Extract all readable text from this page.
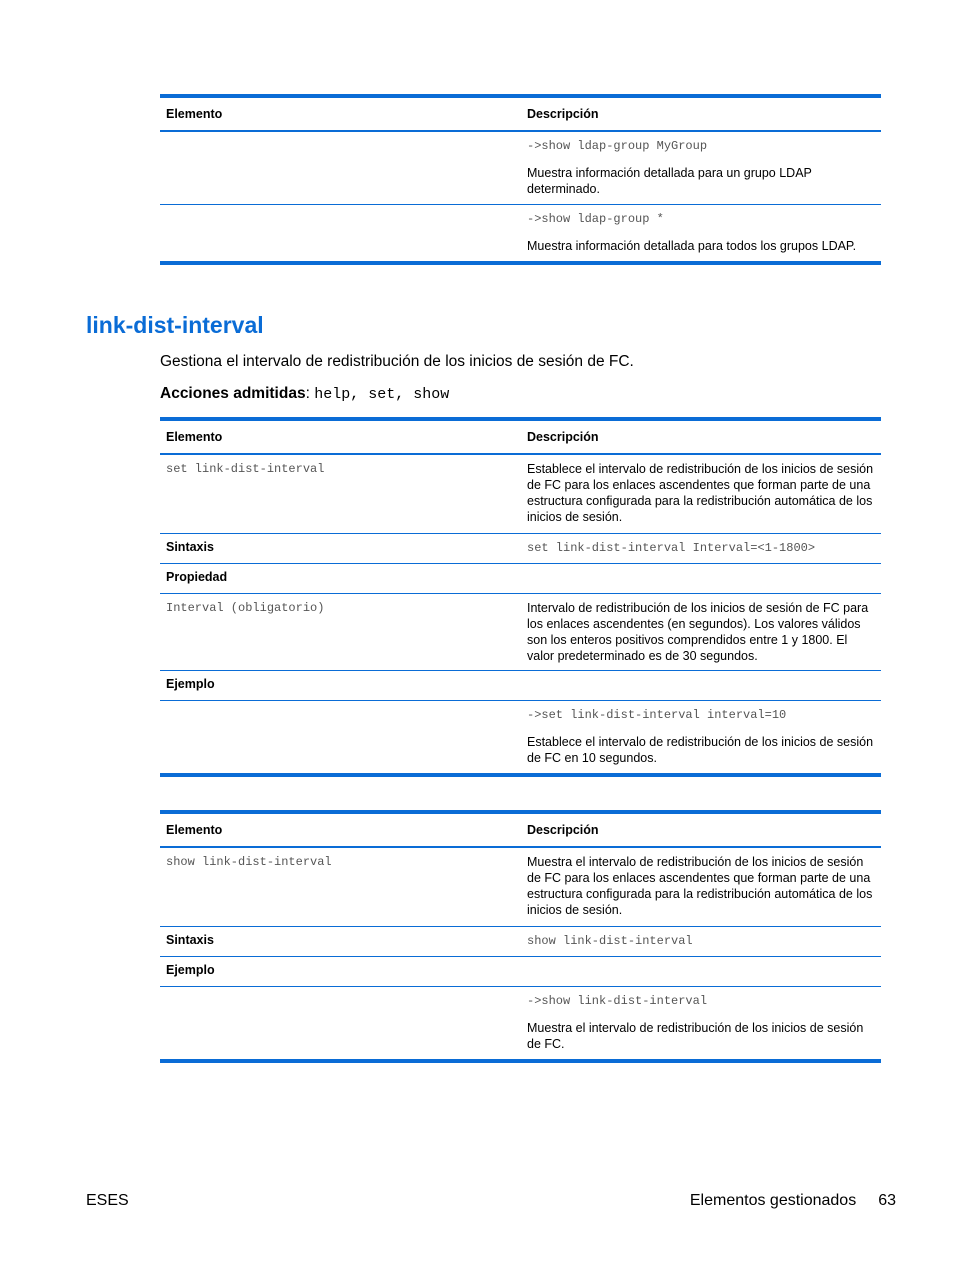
Elemento	Descripción
->show ldap-group MyGroup
Muestra información detallada para un grupo LDAP determinado.
->show ldap-group *
Muestra información detallada para todos los grupos LDAP.
link-dist-interval
Gestiona el intervalo de redistribución de los inicios de sesión de FC.
Acciones admitidas: help, set, show
Elemento	Descripción
set link-dist-interval	Establece el intervalo de redistribución de los inicios de sesión de FC para los enlaces ascendentes que forman parte de una estructura configurada para la redistribución automática de los inicios de sesión.
Sintaxis	set link-dist-interval Interval=<1-1800>
Propiedad
Interval (obligatorio)	Intervalo de redistribución de los inicios de sesión de FC para los enlaces ascendentes (en segundos). Los valores válidos son los enteros positivos comprendidos entre 1 y 1800. El valor predeterminado es de 30 segundos.
Ejemplo
->set link-dist-interval interval=10
Establece el intervalo de redistribución de los inicios de sesión de FC en 10 segundos.
Elemento	Descripción
show link-dist-interval	Muestra el intervalo de redistribución de los inicios de sesión de FC para los enlaces ascendentes que forman parte de una estructura configurada para la redistribución automática de los inicios de sesión.
Sintaxis	show link-dist-interval
Ejemplo
->show link-dist-interval
Muestra el intervalo de redistribución de los inicios de sesión de FC.
ESES	Elementos gestionados 63
